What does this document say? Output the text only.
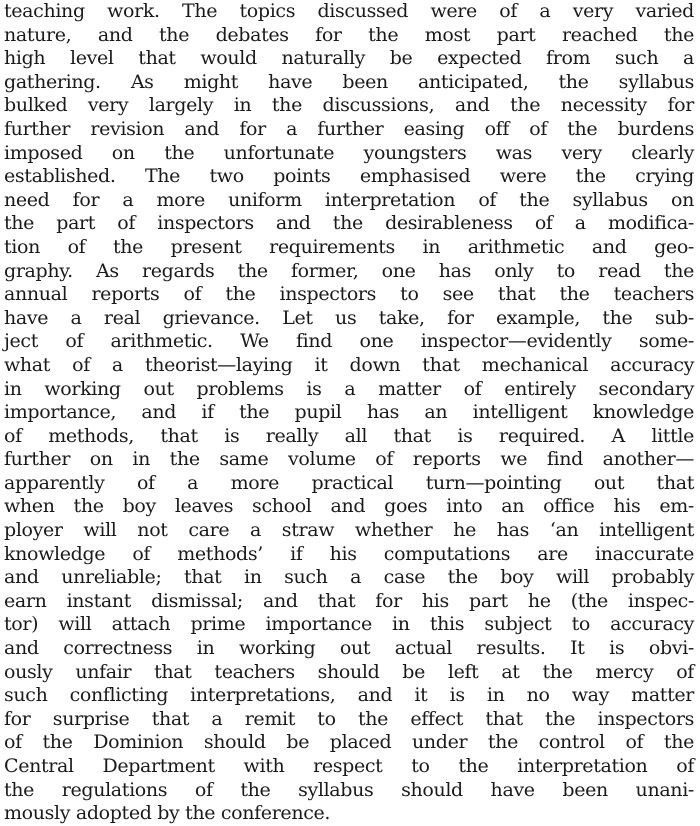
teaching work. The topics discussed were of a very varied
nature, and the debates for the most part reached the
high level that would naturally be expected from such a
gathering. As might have been anticipated, the syllabus
bulked very largely in the discussions, and the necessity for
further revision and for a further easing off of the burdens
imposed on the unfortunate youngsters was very clearly
established. The two points emphasised were the crying
need for a more uniform interpretation of the syllabus on
the part of inspectors and the desirableness of a modifica-
tion of the present requirements in arithmetic and geo-
graphy. As regards the former, one has only to read the
annual reports of the inspectors to see that the teachers
have a real grievance. Let us take, for example, the sub-
ject of arithmetic. We find one inspector—evidently some-
what of a theorist—laying it down that mechanical accuracy
in working out problems is a matter of entirely secondary
importance, and if the pupil has an intelligent knowledge
of methods, that is really all that is required. A little
further on in the same volume of reports we find another—
apparently of a more practical turn—pointing out that
when the boy leaves school and goes into an office his em-
ployer will not care a straw whether he has ‘an intelligent
knowledge of methods’ if his computations are inaccurate
and unreliable; that in such a case the boy will probably
earn instant dismissal; and that for his part he (the inspec-
tor) will attach prime importance in this subject to accuracy
and correctness in working out actual results. It is obvi-
ously unfair that teachers should be left at the mercy of
such conflicting interpretations, and it is in no way matter
for surprise that a remit to the effect that the inspectors
of the Dominion should be placed under the control of the
Central Department with respect to the interpretation of
the regulations of the syllabus should have been unani-
mously adopted by the conference.
